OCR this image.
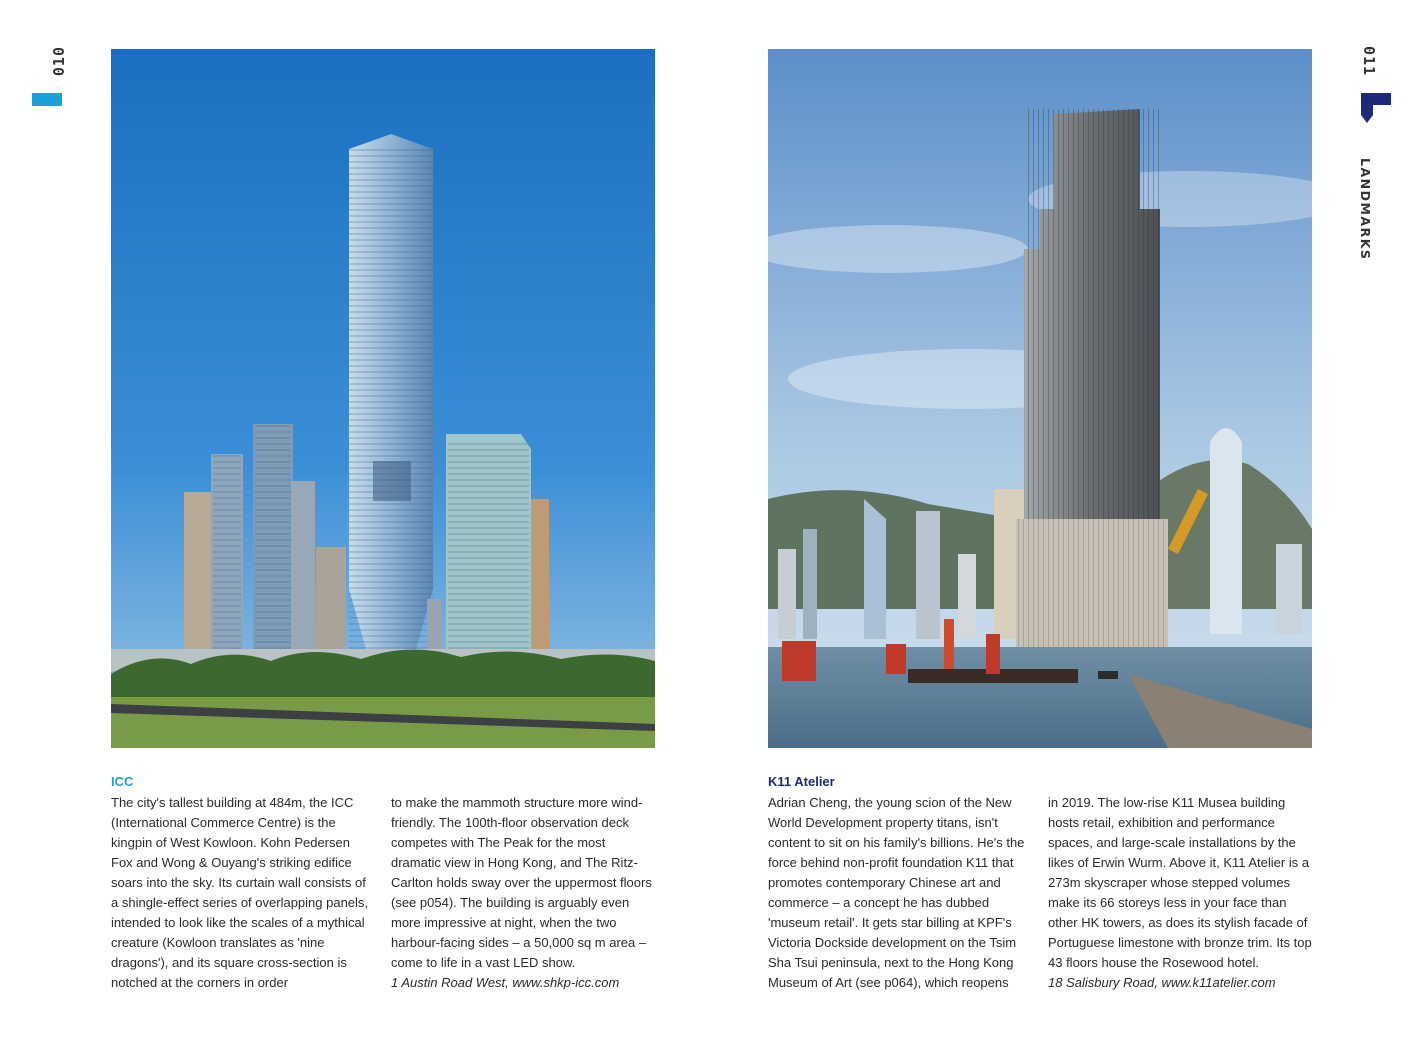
010
ICC

The city's tallest building at 484m, the ICC (International Commerce Centre) is the kingpin of West Kowloon. Kohn Pedersen Fox and Wong & Ouyang's striking edifice soars into the sky. Its curtain wall consists of a shingle-effect series of overlapping panels, intended to look like the scales of a mythical creature (Kowloon translates as 'nine dragons'), and its square cross-section is notched at the corners in order

to make the mammoth structure more wind-friendly. The 100th-floor observation deck competes with The Peak for the most dramatic view in Hong Kong, and The Ritz-Carlton holds sway over the uppermost floors (see p054). The building is arguably even more impressive at night, when the two harbour-facing sides – a 50,000 sq m area – come to life in a vast LED show.

1 Austin Road West, www.shkp-icc.com

011
LANDMARKS
K11 Atelier

Adrian Cheng, the young scion of the New World Development property titans, isn't content to sit on his family's billions. He's the force behind non-profit foundation K11 that promotes contemporary Chinese art and commerce – a concept he has dubbed 'museum retail'. It gets star billing at KPF's Victoria Dockside development on the Tsim Sha Tsui peninsula, next to the Hong Kong Museum of Art (see p064), which reopens

in 2019. The low-rise K11 Musea building hosts retail, exhibition and performance spaces, and large-scale installations by the likes of Erwin Wurm. Above it, K11 Atelier is a 273m skyscraper whose stepped volumes make its 66 storeys less in your face than other HK towers, as does its stylish facade of Portuguese limestone with bronze trim. Its top 43 floors house the Rosewood hotel.

18 Salisbury Road, www.k11atelier.com
